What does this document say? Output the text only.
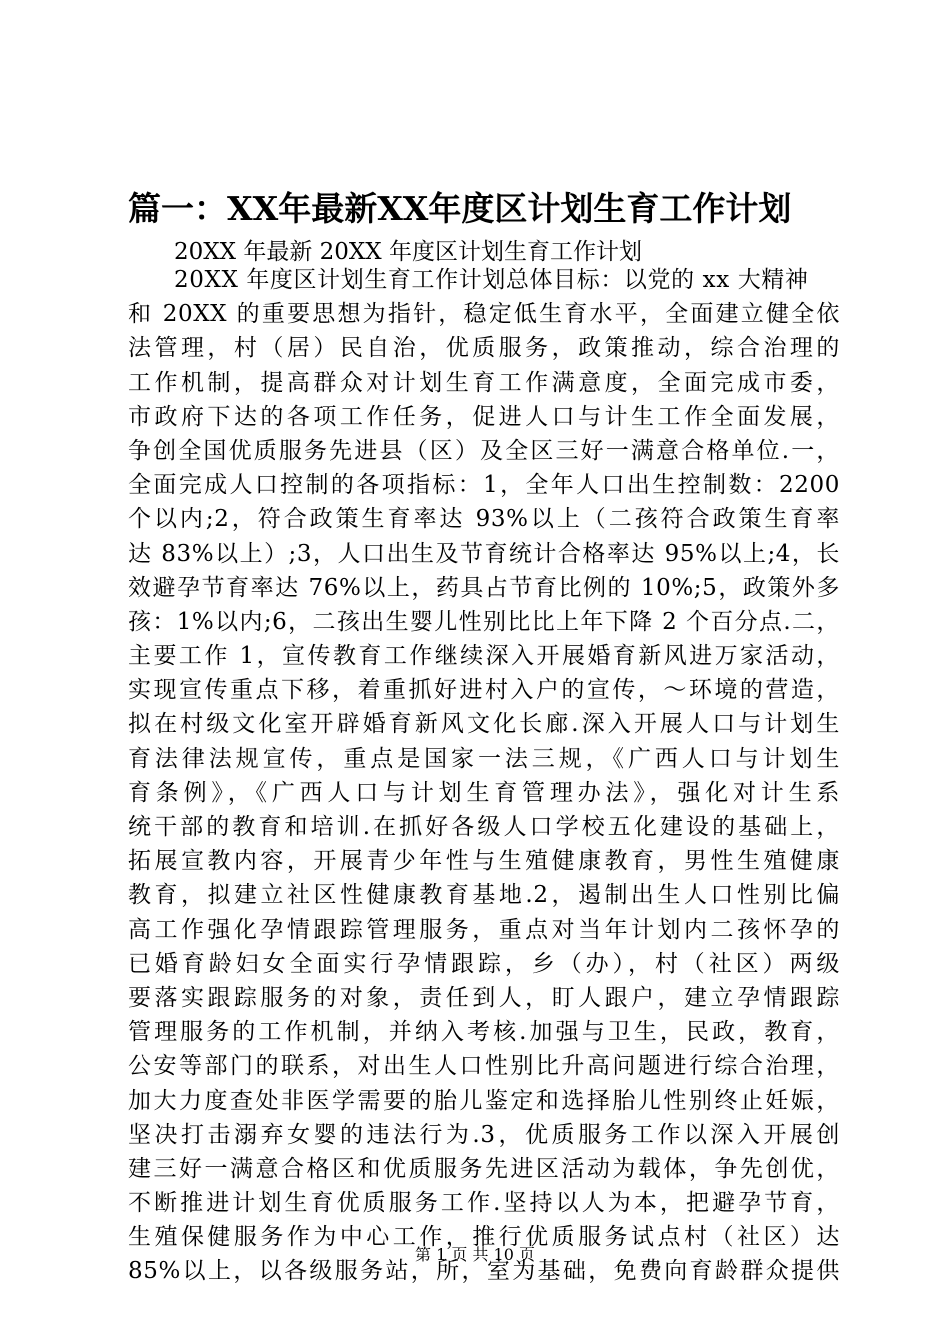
篇一：XX年最新XX年度区计划生育工作计划
20XX 年最新 20XX 年度区计划生育工作计划
20XX 年度区计划生育工作计划总体目标：以党的 xx 大精神
和 20XX 的重要思想为指针，稳定低生育水平，全面建立健全依
法管理，村（居）民自治，优质服务，政策推动，综合治理的
工作机制，提高群众对计划生育工作满意度，全面完成市委，
市政府下达的各项工作任务，促进人口与计生工作全面发展，
争创全国优质服务先进县（区）及全区三好一满意合格单位.一，
全面完成人口控制的各项指标：1，全年人口出生控制数：2200
个以内;2，符合政策生育率达 93%以上（二孩符合政策生育率
达 83%以上）;3，人口出生及节育统计合格率达 95%以上;4，长
效避孕节育率达 76%以上，药具占节育比例的 10%;5，政策外多
孩：1%以内;6，二孩出生婴儿性别比比上年下降 2 个百分点.二，
主要工作 1，宣传教育工作继续深入开展婚育新风进万家活动，
实现宣传重点下移，着重抓好进村入户的宣传，～环境的营造，
拟在村级文化室开辟婚育新风文化长廊.深入开展人口与计划生
育法律法规宣传，重点是国家一法三规，《广西人口与计划生
育条例》，《广西人口与计划生育管理办法》，强化对计生系
统干部的教育和培训.在抓好各级人口学校五化建设的基础上，
拓展宣教内容，开展青少年性与生殖健康教育，男性生殖健康
教育，拟建立社区性健康教育基地.2，遏制出生人口性别比偏
高工作强化孕情跟踪管理服务，重点对当年计划内二孩怀孕的
已婚育龄妇女全面实行孕情跟踪，乡（办），村（社区）两级
要落实跟踪服务的对象，责任到人，盯人跟户，建立孕情跟踪
管理服务的工作机制，并纳入考核.加强与卫生，民政，教育，
公安等部门的联系，对出生人口性别比升高问题进行综合治理，
加大力度查处非医学需要的胎儿鉴定和选择胎儿性别终止妊娠，
坚决打击溺弃女婴的违法行为.3，优质服务工作以深入开展创
建三好一满意合格区和优质服务先进区活动为载体，争先创优，
不断推进计划生育优质服务工作.坚持以人为本，把避孕节育，
生殖保健服务作为中心工作，推行优质服务试点村（社区）达
85%以上，以各级服务站，所，室为基础，免费向育龄群众提供
第 1 页 共 10 页
